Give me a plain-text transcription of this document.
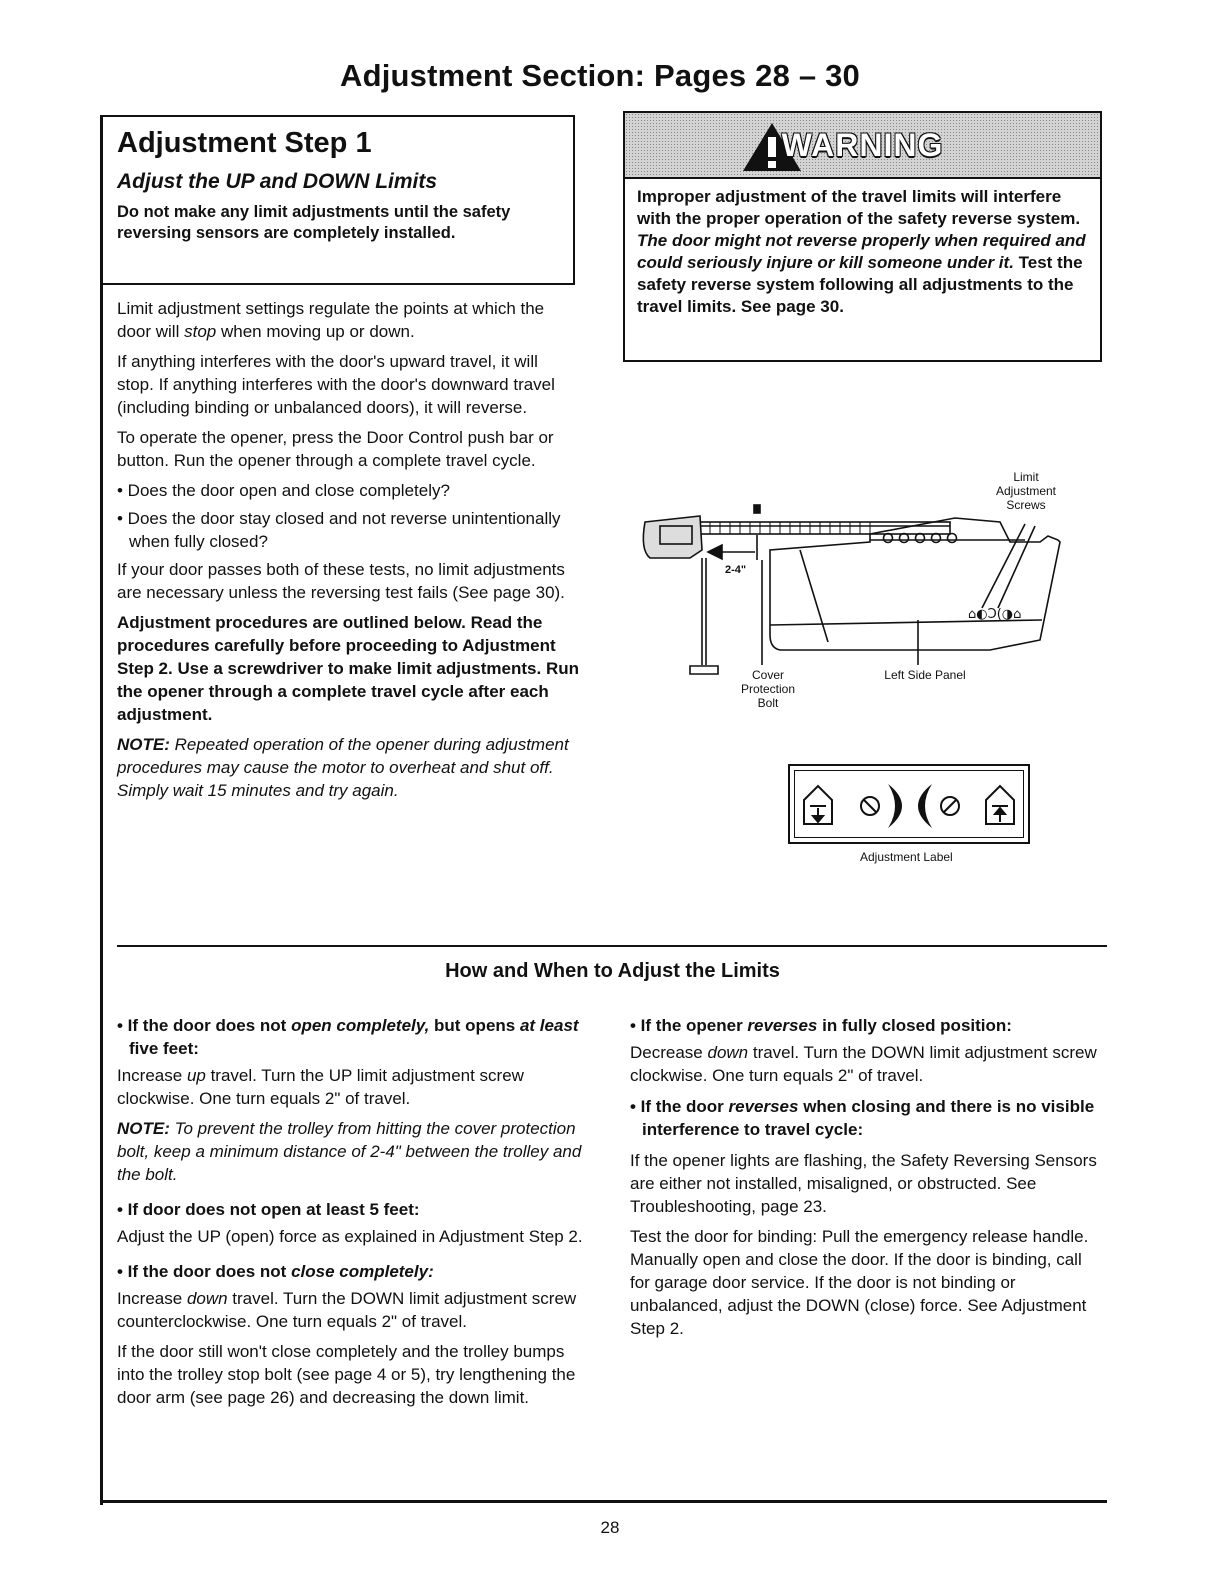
Adjustment Section: Pages 28 – 30
Adjustment Step 1
Adjust the UP and DOWN Limits
Do not make any limit adjustments until the safety reversing sensors are completely installed.

Limit adjustment settings regulate the points at which the door will stop when moving up or down.

If anything interferes with the door's upward travel, it will stop. If anything interferes with the door's downward travel (including binding or unbalanced doors), it will reverse.

To operate the opener, press the Door Control push bar or button. Run the opener through a complete travel cycle.

• Does the door open and close completely?

• Does the door stay closed and not reverse unintentionally when fully closed?

If your door passes both of these tests, no limit adjustments are necessary unless the reversing test fails (See page 30).

Adjustment procedures are outlined below. Read the procedures carefully before proceeding to Adjustment Step 2. Use a screwdriver to make limit adjustments. Run the opener through a complete travel cycle after each adjustment.

NOTE: Repeated operation of the opener during adjustment procedures may cause the motor to overheat and shut off. Simply wait 15 minutes and try again.

WARNING
Improper adjustment of the travel limits will interfere with the proper operation of the safety reverse system. The door might not reverse properly when required and could seriously injure or kill someone under it. Test the safety reverse system following all adjustments to the travel limits. See page 30.
⌂◐Ɔ(◑⌂
Limit
Adjustment
Screws
2-4"
Cover
Protection
Bolt
Left Side Panel
Adjustment Label
How and When to Adjust the Limits

• If the door does not open completely, but opens at least five feet:

Increase up travel. Turn the UP limit adjustment screw clockwise. One turn equals 2" of travel.

NOTE: To prevent the trolley from hitting the cover protection bolt, keep a minimum distance of 2-4" between the trolley and the bolt.

• If door does not open at least 5 feet:

Adjust the UP (open) force as explained in Adjustment Step 2.

• If the door does not close completely:

Increase down travel. Turn the DOWN limit adjustment screw counterclockwise. One turn equals 2" of travel.

If the door still won't close completely and the trolley bumps into the trolley stop bolt (see page 4 or 5), try lengthening the door arm (see page 26) and decreasing the down limit.

• If the opener reverses in fully closed position:

Decrease down travel. Turn the DOWN limit adjustment screw clockwise. One turn equals 2" of travel.

• If the door reverses when closing and there is no visible interference to travel cycle:

If the opener lights are flashing, the Safety Reversing Sensors are either not installed, misaligned, or obstructed. See Troubleshooting, page 23.

Test the door for binding: Pull the emergency release handle. Manually open and close the door. If the door is binding, call for garage door service. If the door is not binding or unbalanced, adjust the DOWN (close) force. See Adjustment Step 2.

28
